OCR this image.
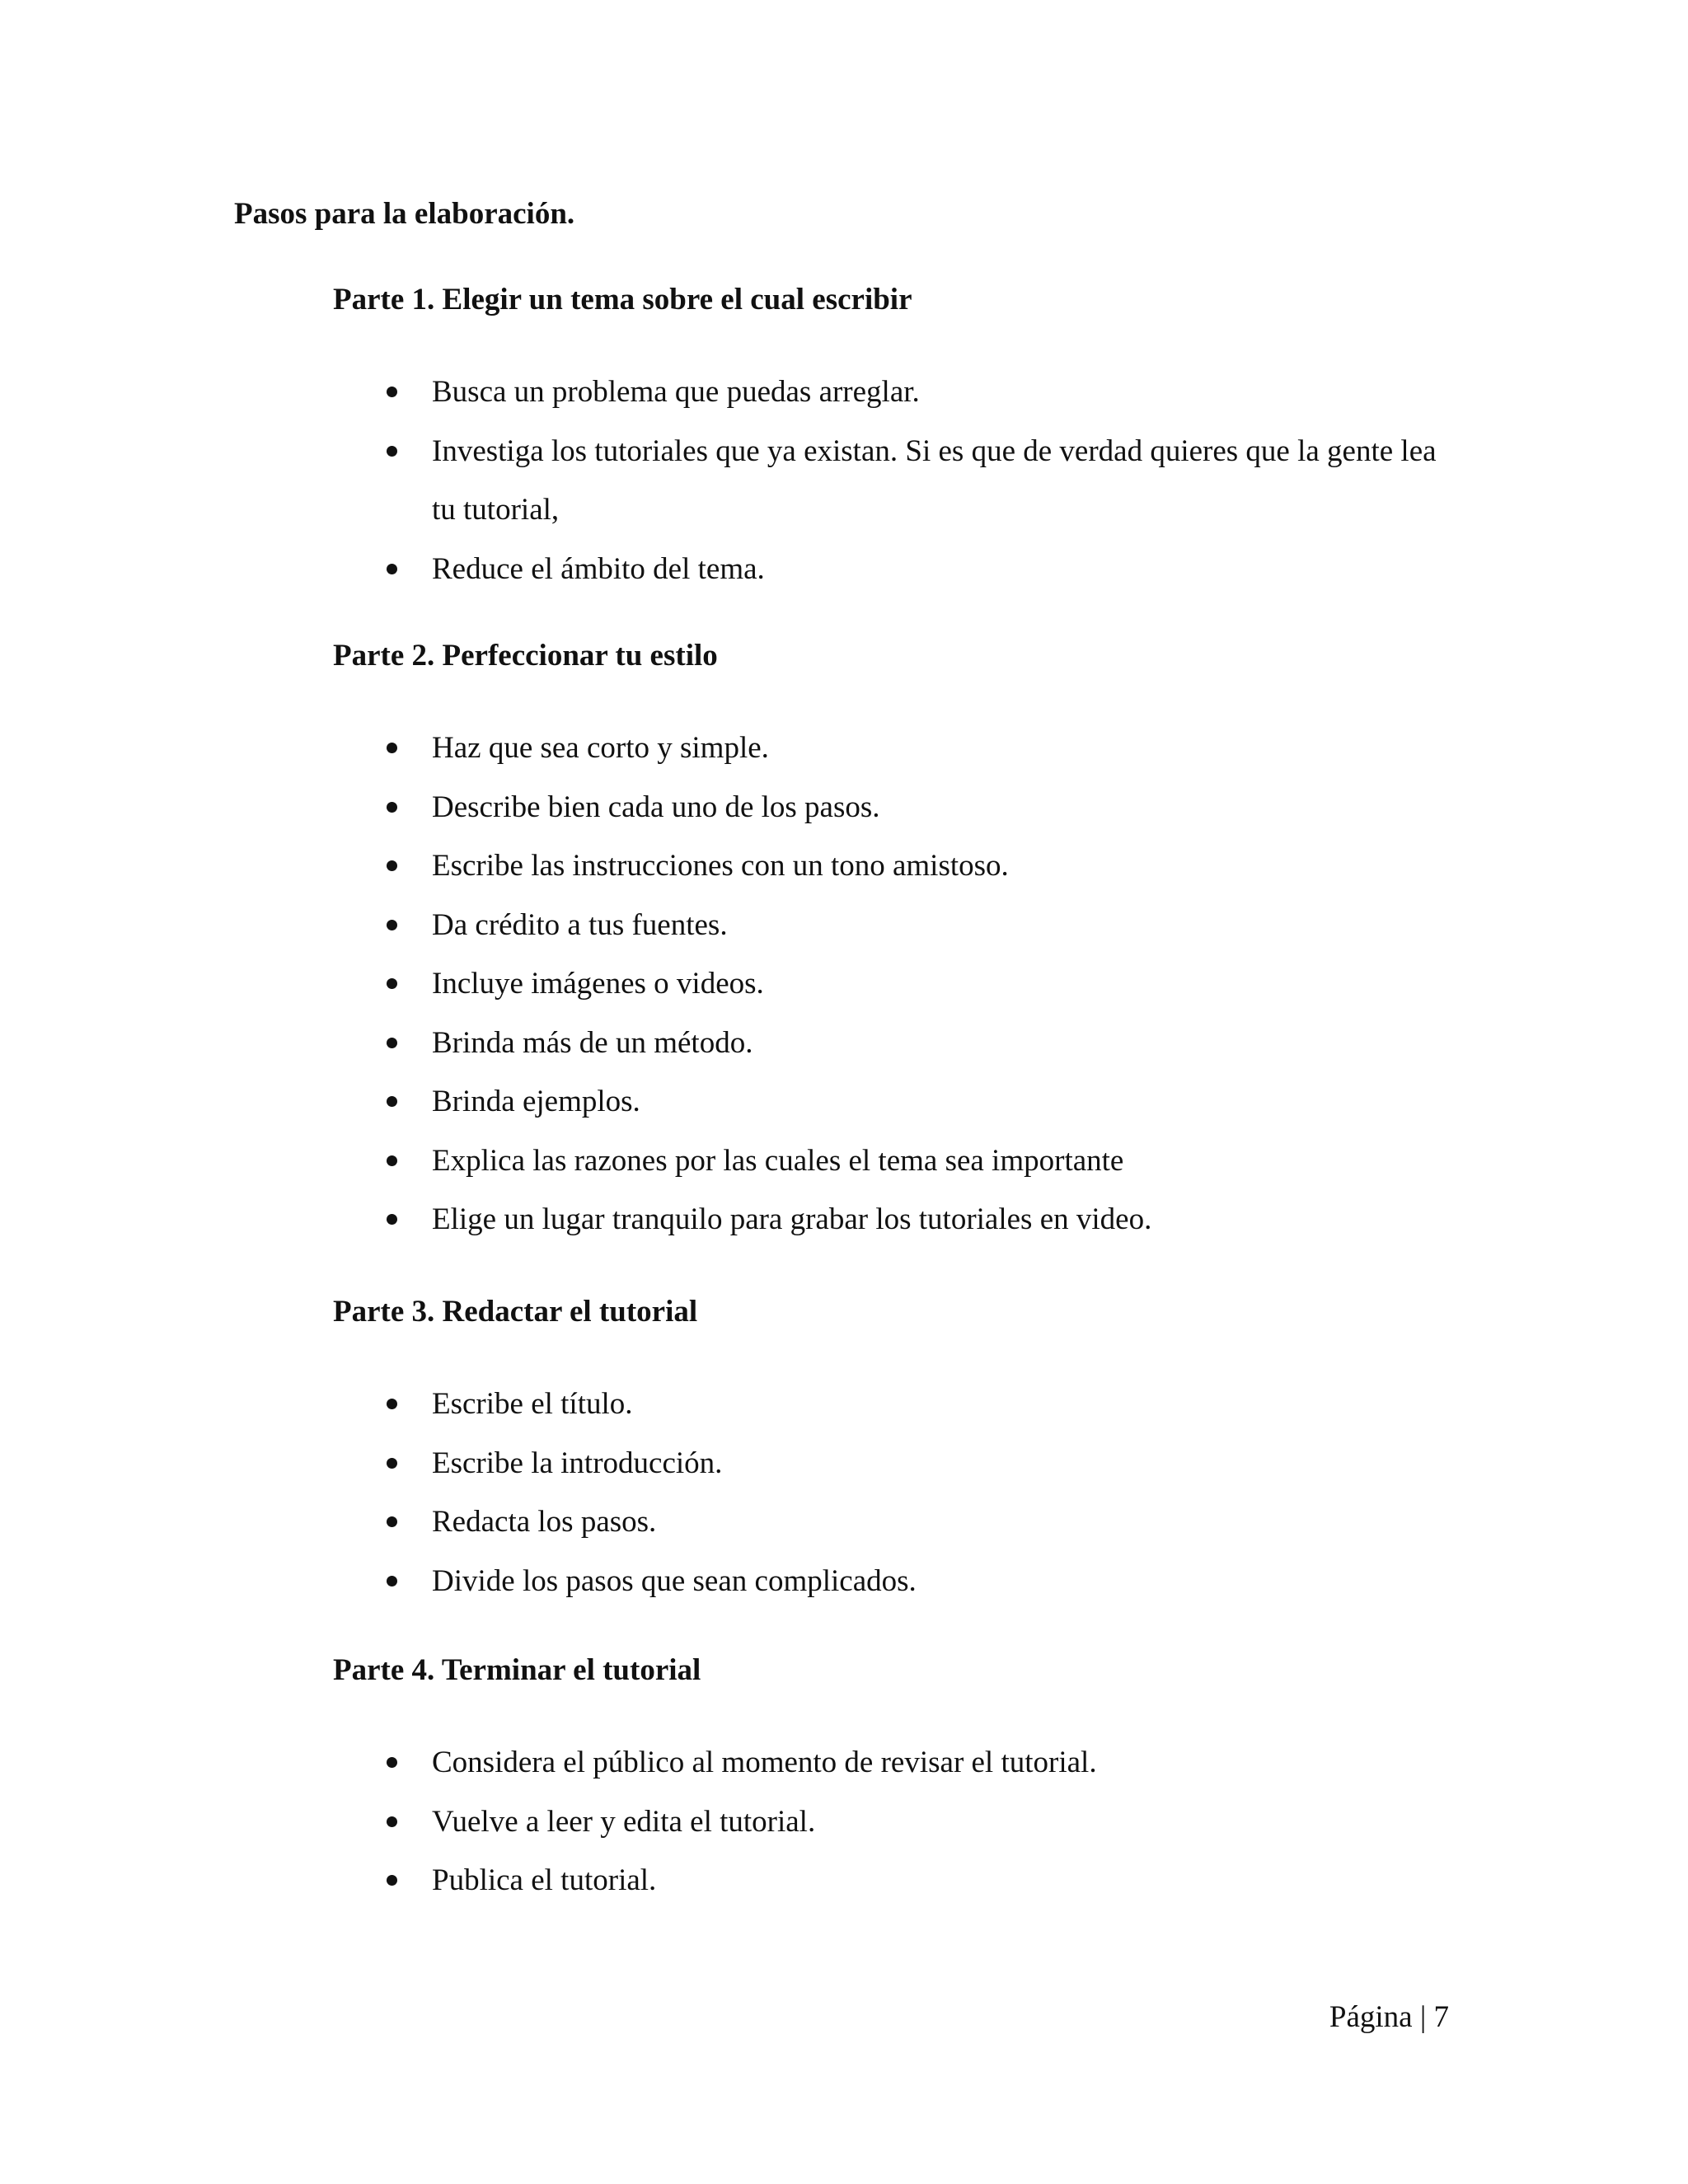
Pasos para la elaboración.
Parte 1. Elegir un tema sobre el cual escribir
Busca un problema que puedas arreglar.
Investiga los tutoriales que ya existan. Si es que de verdad quieres que la gente lea tu tutorial,
Reduce el ámbito del tema.
Parte 2. Perfeccionar tu estilo
Haz que sea corto y simple.
Describe bien cada uno de los pasos.
Escribe las instrucciones con un tono amistoso.
Da crédito a tus fuentes.
Incluye imágenes o videos.
Brinda más de un método.
Brinda ejemplos.
Explica las razones por las cuales el tema sea importante
Elige un lugar tranquilo para grabar los tutoriales en video.
Parte 3. Redactar el tutorial
Escribe el título.
Escribe la introducción.
Redacta los pasos.
Divide los pasos que sean complicados.
Parte 4. Terminar el tutorial
Considera el público al momento de revisar el tutorial.
Vuelve a leer y edita el tutorial.
Publica el tutorial.
Página | 7
